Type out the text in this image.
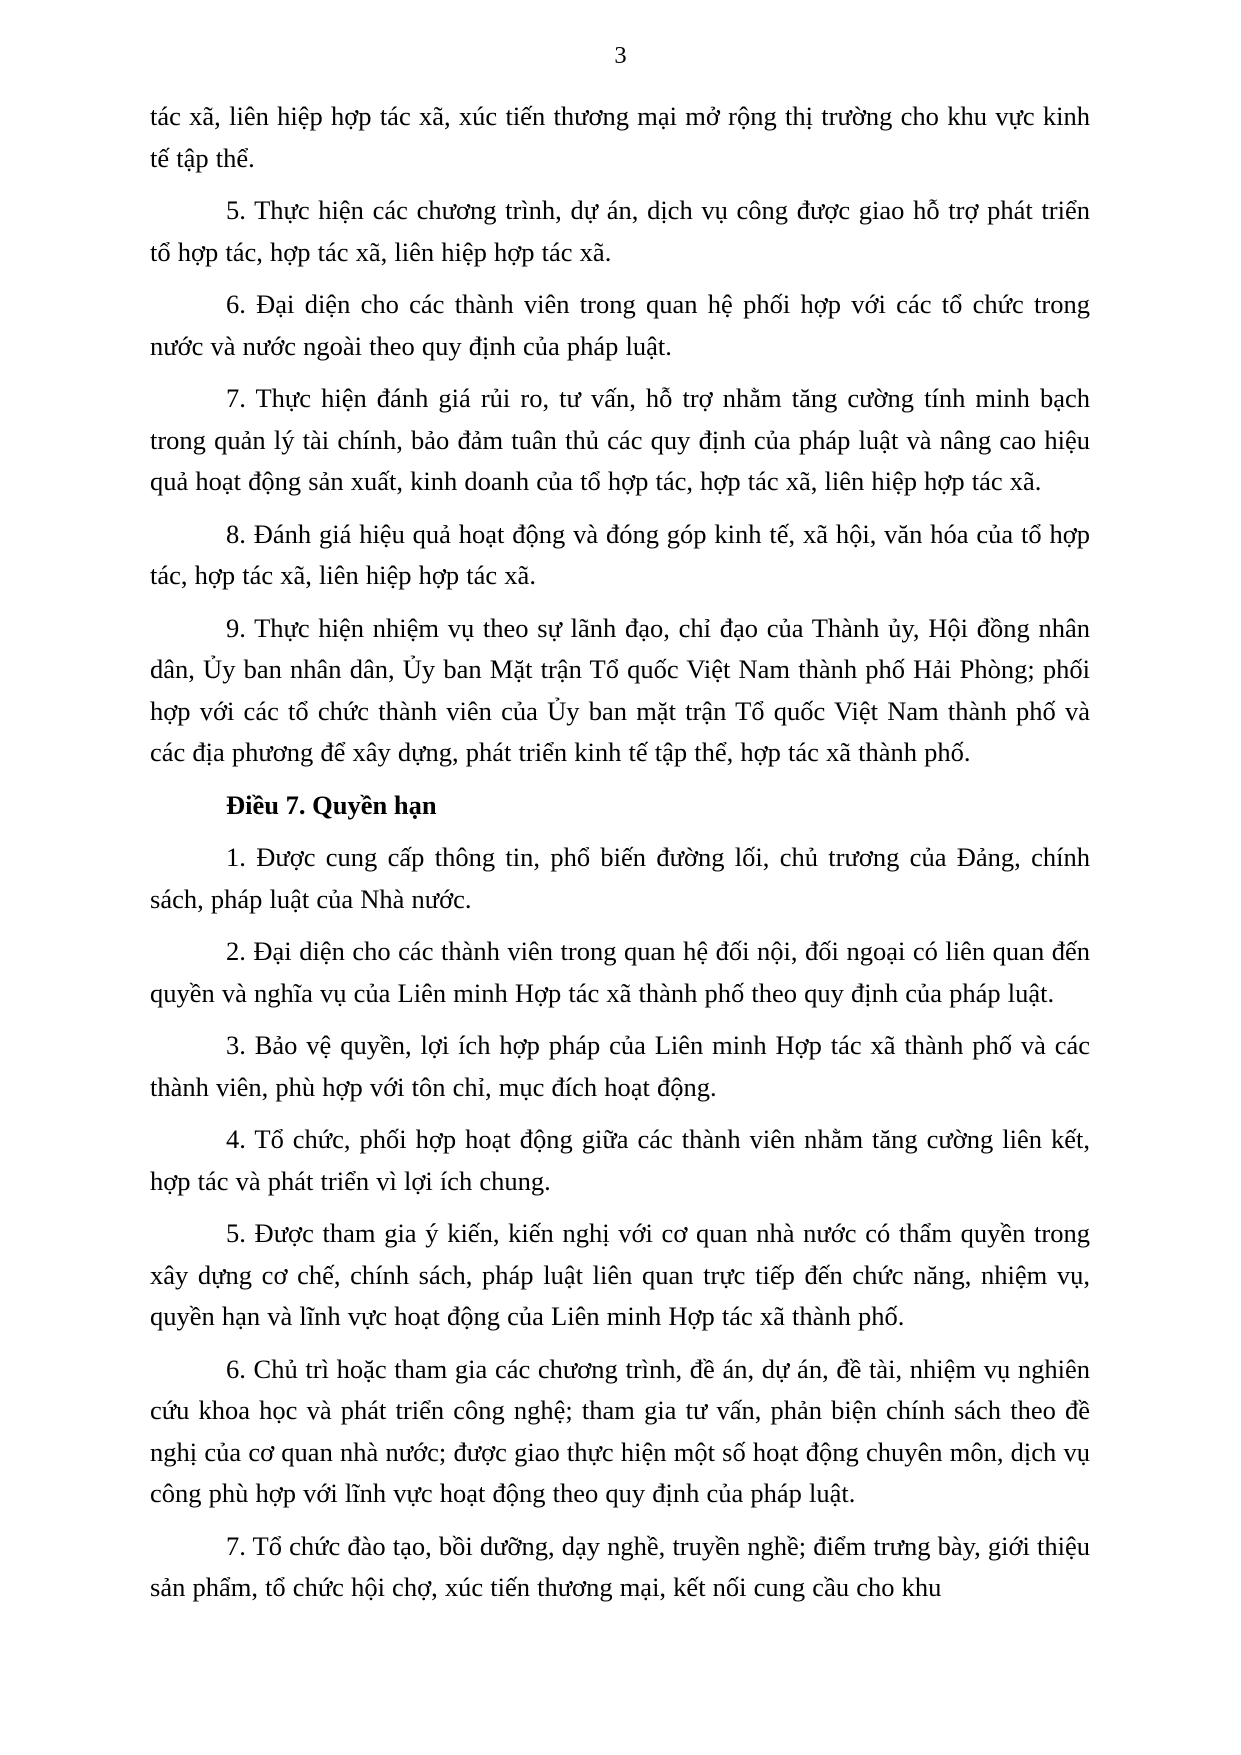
3

tác xã, liên hiệp hợp tác xã, xúc tiến thương mại mở rộng thị trường cho khu vực kinh tế tập thể.

5. Thực hiện các chương trình, dự án, dịch vụ công được giao hỗ trợ phát triển tổ hợp tác, hợp tác xã, liên hiệp hợp tác xã.

6. Đại diện cho các thành viên trong quan hệ phối hợp với các tổ chức trong nước và nước ngoài theo quy định của pháp luật.

7. Thực hiện đánh giá rủi ro, tư vấn, hỗ trợ nhằm tăng cường tính minh bạch trong quản lý tài chính, bảo đảm tuân thủ các quy định của pháp luật và nâng cao hiệu quả hoạt động sản xuất, kinh doanh của tổ hợp tác, hợp tác xã, liên hiệp hợp tác xã.

8. Đánh giá hiệu quả hoạt động và đóng góp kinh tế, xã hội, văn hóa của tổ hợp tác, hợp tác xã, liên hiệp hợp tác xã.

9. Thực hiện nhiệm vụ theo sự lãnh đạo, chỉ đạo của Thành ủy, Hội đồng nhân dân, Ủy ban nhân dân, Ủy ban Mặt trận Tổ quốc Việt Nam thành phố Hải Phòng; phối hợp với các tổ chức thành viên của Ủy ban mặt trận Tổ quốc Việt Nam thành phố và các địa phương để xây dựng, phát triển kinh tế tập thể, hợp tác xã thành phố.

Điều 7. Quyền hạn

1. Được cung cấp thông tin, phổ biến đường lối, chủ trương của Đảng, chính sách, pháp luật của Nhà nước.

2. Đại diện cho các thành viên trong quan hệ đối nội, đối ngoại có liên quan đến quyền và nghĩa vụ của Liên minh Hợp tác xã thành phố theo quy định của pháp luật.

3. Bảo vệ quyền, lợi ích hợp pháp của Liên minh Hợp tác xã thành phố và các thành viên, phù hợp với tôn chỉ, mục đích hoạt động.

4. Tổ chức, phối hợp hoạt động giữa các thành viên nhằm tăng cường liên kết, hợp tác và phát triển vì lợi ích chung.

5. Được tham gia ý kiến, kiến nghị với cơ quan nhà nước có thẩm quyền trong xây dựng cơ chế, chính sách, pháp luật liên quan trực tiếp đến chức năng, nhiệm vụ, quyền hạn và lĩnh vực hoạt động của Liên minh Hợp tác xã thành phố.

6. Chủ trì hoặc tham gia các chương trình, đề án, dự án, đề tài, nhiệm vụ nghiên cứu khoa học và phát triển công nghệ; tham gia tư vấn, phản biện chính sách theo đề nghị của cơ quan nhà nước; được giao thực hiện một số hoạt động chuyên môn, dịch vụ công phù hợp với lĩnh vực hoạt động theo quy định của pháp luật.

7. Tổ chức đào tạo, bồi dưỡng, dạy nghề, truyền nghề; điểm trưng bày, giới thiệu sản phẩm, tổ chức hội chợ, xúc tiến thương mại, kết nối cung cầu cho khu
